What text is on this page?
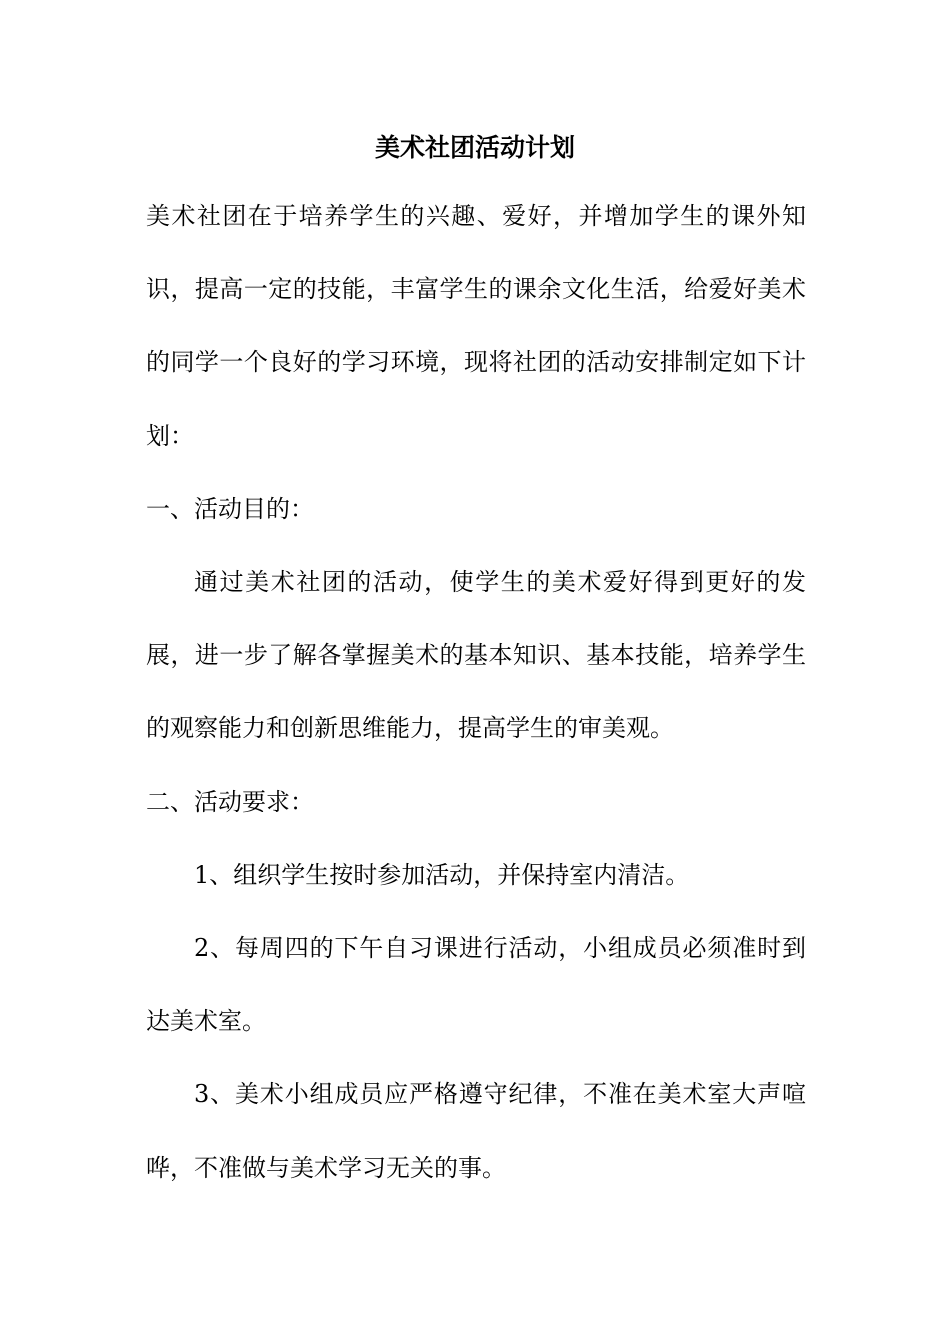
美术社团活动计划

美术社团在于培养学生的兴趣、爱好，并增加学生的课外知识，提高一定的技能，丰富学生的课余文化生活，给爱好美术的同学一个良好的学习环境，现将社团的活动安排制定如下计划：

一、活动目的：

通过美术社团的活动，使学生的美术爱好得到更好的发展，进一步了解各掌握美术的基本知识、基本技能，培养学生的观察能力和创新思维能力，提高学生的审美观。

二、活动要求：

1、组织学生按时参加活动，并保持室内清洁。

2、每周四的下午自习课进行活动，小组成员必须准时到达美术室。

3、美术小组成员应严格遵守纪律，不准在美术室大声喧哗，不准做与美术学习无关的事。
